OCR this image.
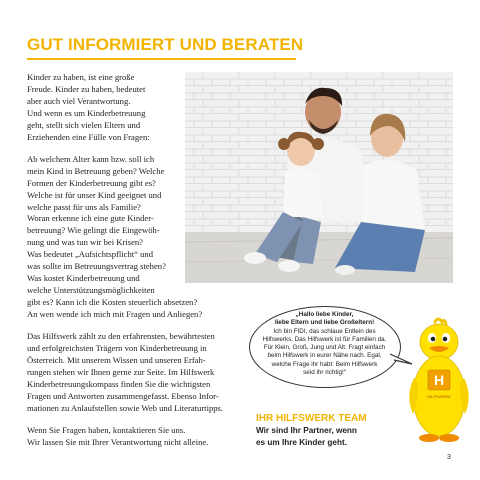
GUT INFORMIERT UND BERATEN
Kinder zu haben, ist eine große
Freude. Kinder zu haben, bedeutet
aber auch viel Verantwortung.
Und wenn es um Kinderbetreuung
geht, stellt sich vielen Eltern und
Erziehenden eine Fülle von Fragen:
Ab welchem Alter kann bzw. soll ich
mein Kind in Betreuung geben? Welche
Formen der Kinderbetreuung gibt es?
Welche ist für unser Kind geeignet und
welche passt für uns als Familie?
Woran erkenne ich eine gute Kinder-
betreuung? Wie gelingt die Eingewöh-
nung und was tun wir bei Krisen?
Was bedeutet „Aufsichtspflicht“ und
was sollte im Betreuungsvertrag stehen?
Was kostet Kinderbetreuung und
welche Unterstützungsmöglichkeiten
gibt es? Kann ich die Kosten steuerlich absetzen?
An wen wende ich mich mit Fragen und Anliegen?
Das Hilfswerk zählt zu den erfahrensten, bewährtesten
und erfolgreichsten Trägern von Kinderbetreuung in
Österreich. Mit unserem Wissen und unseren Erfah-
rungen stehen wir Ihnen gerne zur Seite. Im Hilfswerk
Kinderbetreuungskompass finden Sie die wichtigsten
Fragen und Antworten zusammengefasst. Ebenso Infor-
mationen zu Anlaufstellen sowie Web und Literaturtipps.
Wenn Sie Fragen haben, kontaktieren Sie uns.
Wir lassen Sie mit Ihrer Verantwortung nicht alleine.
„Hallo liebe Kinder,
liebe Eltern und liebe Großeltern!
Ich bin FIDI, das schlaue Entlein des
Hilfswerks. Das Hilfswerk ist für Familien da.
Für Klein, Groß, Jung und Alt. Fragt einfach
beim Hilfswerk in eurer Nähe nach. Egal,
welche Frage ihr habt: Beim Hilfswerk
seid ihr richtig!“
IHR HILFSWERK TEAM
Wir sind Ihr Partner, wenn
es um Ihre Kinder geht.
H
HILFSWERK
3
